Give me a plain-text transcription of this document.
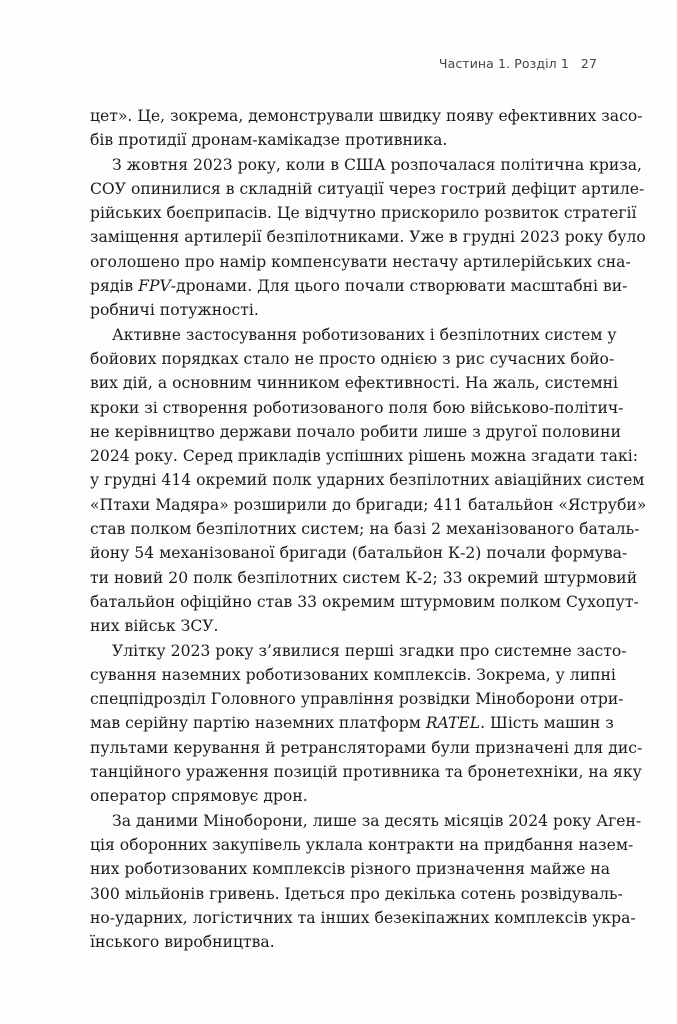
Частина 1. Розділ 1 27
цет». Це, зокрема, демонстрували швидку появу ефективних засо-
бів протидії дронам-камікадзе противника.
З жовтня 2023 року, коли в США розпочалася політична криза,
СОУ опинилися в складній ситуації через гострий дефіцит артиле-
рійських боєприпасів. Це відчутно прискорило розвиток стратегії
заміщення артилерії безпілотниками. Уже в грудні 2023 року було
оголошено про намір компенсувати нестачу артилерійських сна-
рядів FPV-дронами. Для цього почали створювати масштабні ви-
робничі потужності.
Активне застосування роботизованих і безпілотних систем у
бойових порядках стало не просто однією з рис сучасних бойо-
вих дій, а основним чинником ефективності. На жаль, системні
кроки зі створення роботизованого поля бою військово-політич-
не керівництво держави почало робити лише з другої половини
2024 року. Серед прикладів успішних рішень можна згадати такі:
у грудні 414 окремий полк ударних безпілотних авіаційних систем
«Птахи Мадяра» розширили до бригади; 411 батальйон «Яструби»
став полком безпілотних систем; на базі 2 механізованого баталь-
йону 54 механізованої бригади (батальйон К-2) почали формува-
ти новий 20 полк безпілотних систем К-2; 33 окремий штурмовий
батальйон офіційно став 33 окремим штурмовим полком Сухопут-
них військ ЗСУ.
Улітку 2023 року з’явилися перші згадки про системне засто-
сування наземних роботизованих комплексів. Зокрема, у липні
спецпідрозділ Головного управління розвідки Міноборони отри-
мав серійну партію наземних платформ RATEL. Шість машин з
пультами керування й ретрансляторами були призначені для дис-
танційного ураження позицій противника та бронетехніки, на яку
оператор спрямовує дрон.
За даними Міноборони, лише за десять місяців 2024 року Аген-
ція оборонних закупівель уклала контракти на придбання назем-
них роботизованих комплексів різного призначення майже на
300 мільйонів гривень. Ідеться про декілька сотень розвідуваль-
но-ударних, логістичних та інших безекіпажних комплексів укра-
їнського виробництва.
